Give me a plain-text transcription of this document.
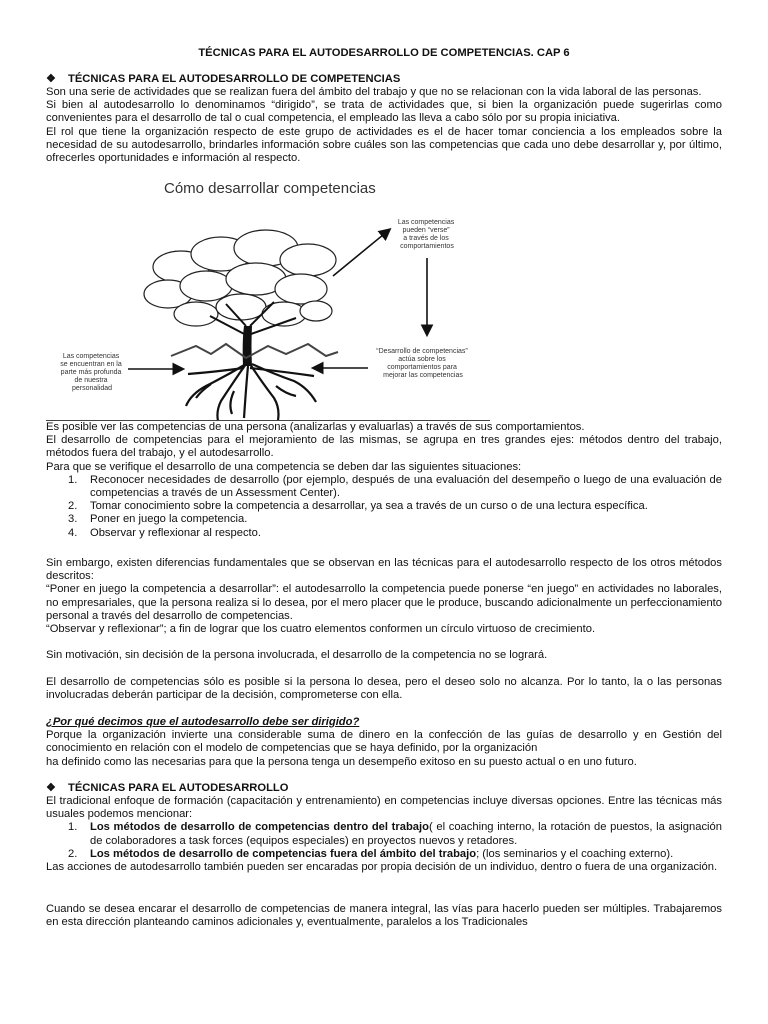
TÉCNICAS PARA EL AUTODESARROLLO DE COMPETENCIAS. CAP 6

❖ TÉCNICAS PARA EL AUTODESARROLLO DE COMPETENCIAS

Son una serie de actividades que se realizan fuera del ámbito del trabajo y que no se relacionan con la vida laboral de las personas.

Si bien al autodesarrollo lo denominamos “dirigido”, se trata de actividades que, si bien la organización puede sugerirlas como convenientes para el desarrollo de tal o cual competencia, el empleado las lleva a cabo sólo por su propia iniciativa.

El rol que tiene la organización respecto de este grupo de actividades es el de hacer tomar conciencia a los empleados sobre la necesidad de su autodesarrollo, brindarles información sobre cuáles son las competencias que cada uno debe desarrollar y, por último, ofrecerles oportunidades e información al respecto.

Cómo desarrollar competencias
Las competencias pueden “verse” a través de los comportamientos
“Desarrollo de competencias” actúa sobre los comportamientos para mejorar las competencias
Las competencias se encuentran en la parte más profunda de nuestra personalidad

Es posible ver las competencias de una persona (analizarlas y evaluarlas) a través de sus comportamientos.

El desarrollo de competencias para el mejoramiento de las mismas, se agrupa en tres grandes ejes: métodos dentro del trabajo, métodos fuera del trabajo, y el autodesarrollo.

Para que se verifique el desarrollo de una competencia se deben dar las siguientes situaciones:

1. Reconocer necesidades de desarrollo (por ejemplo, después de una evaluación del desempeño o luego de una evaluación de competencias a través de un Assessment Center).
2. Tomar conocimiento sobre la competencia a desarrollar, ya sea a través de un curso o de una lectura específica.
3. Poner en juego la competencia.
4. Observar y reflexionar al respecto.

Sin embargo, existen diferencias fundamentales que se observan en las técnicas para el autodesarrollo respecto de los otros métodos descritos:

“Poner en juego la competencia a desarrollar”: el autodesarrollo la competencia puede ponerse “en juego” en actividades no laborales, no empresariales, que la persona realiza si lo desea, por el mero placer que le produce, buscando adicionalmente un perfeccionamiento personal a través del desarrollo de competencias.

“Observar y reflexionar”; a fin de lograr que los cuatro elementos conformen un círculo virtuoso de crecimiento.

Sin motivación, sin decisión de la persona involucrada, el desarrollo de la competencia no se logrará.

El desarrollo de competencias sólo es posible si la persona lo desea, pero el deseo solo no alcanza. Por lo tanto, la o las personas involucradas deberán participar de la decisión, comprometerse con ella.

¿Por qué decimos que el autodesarrollo debe ser dirigido?

Porque la organización invierte una considerable suma de dinero en la confección de las guías de desarrollo y en Gestión del conocimiento en relación con el modelo de competencias que se haya definido, por la organización

ha definido como las necesarias para que la persona tenga un desempeño exitoso en su puesto actual o en uno futuro.

❖ TÉCNICAS PARA EL AUTODESARROLLO

El tradicional enfoque de formación (capacitación y entrenamiento) en competencias incluye diversas opciones. Entre las técnicas más usuales podemos mencionar:

1. Los métodos de desarrollo de competencias dentro del trabajo( el coaching interno, la rotación de puestos, la asignación de colaboradores a task forces (equipos especiales) en proyectos nuevos y retadores.
2. Los métodos de desarrollo de competencias fuera del ámbito del trabajo; (los seminarios y el coaching externo).

Las acciones de autodesarrollo también pueden ser encaradas por propia decisión de un individuo, dentro o fuera de una organización.

Cuando se desea encarar el desarrollo de competencias de manera integral, las vías para hacerlo pueden ser múltiples. Trabajaremos en esta dirección planteando caminos adicionales y, eventualmente, paralelos a los Tradicionales
